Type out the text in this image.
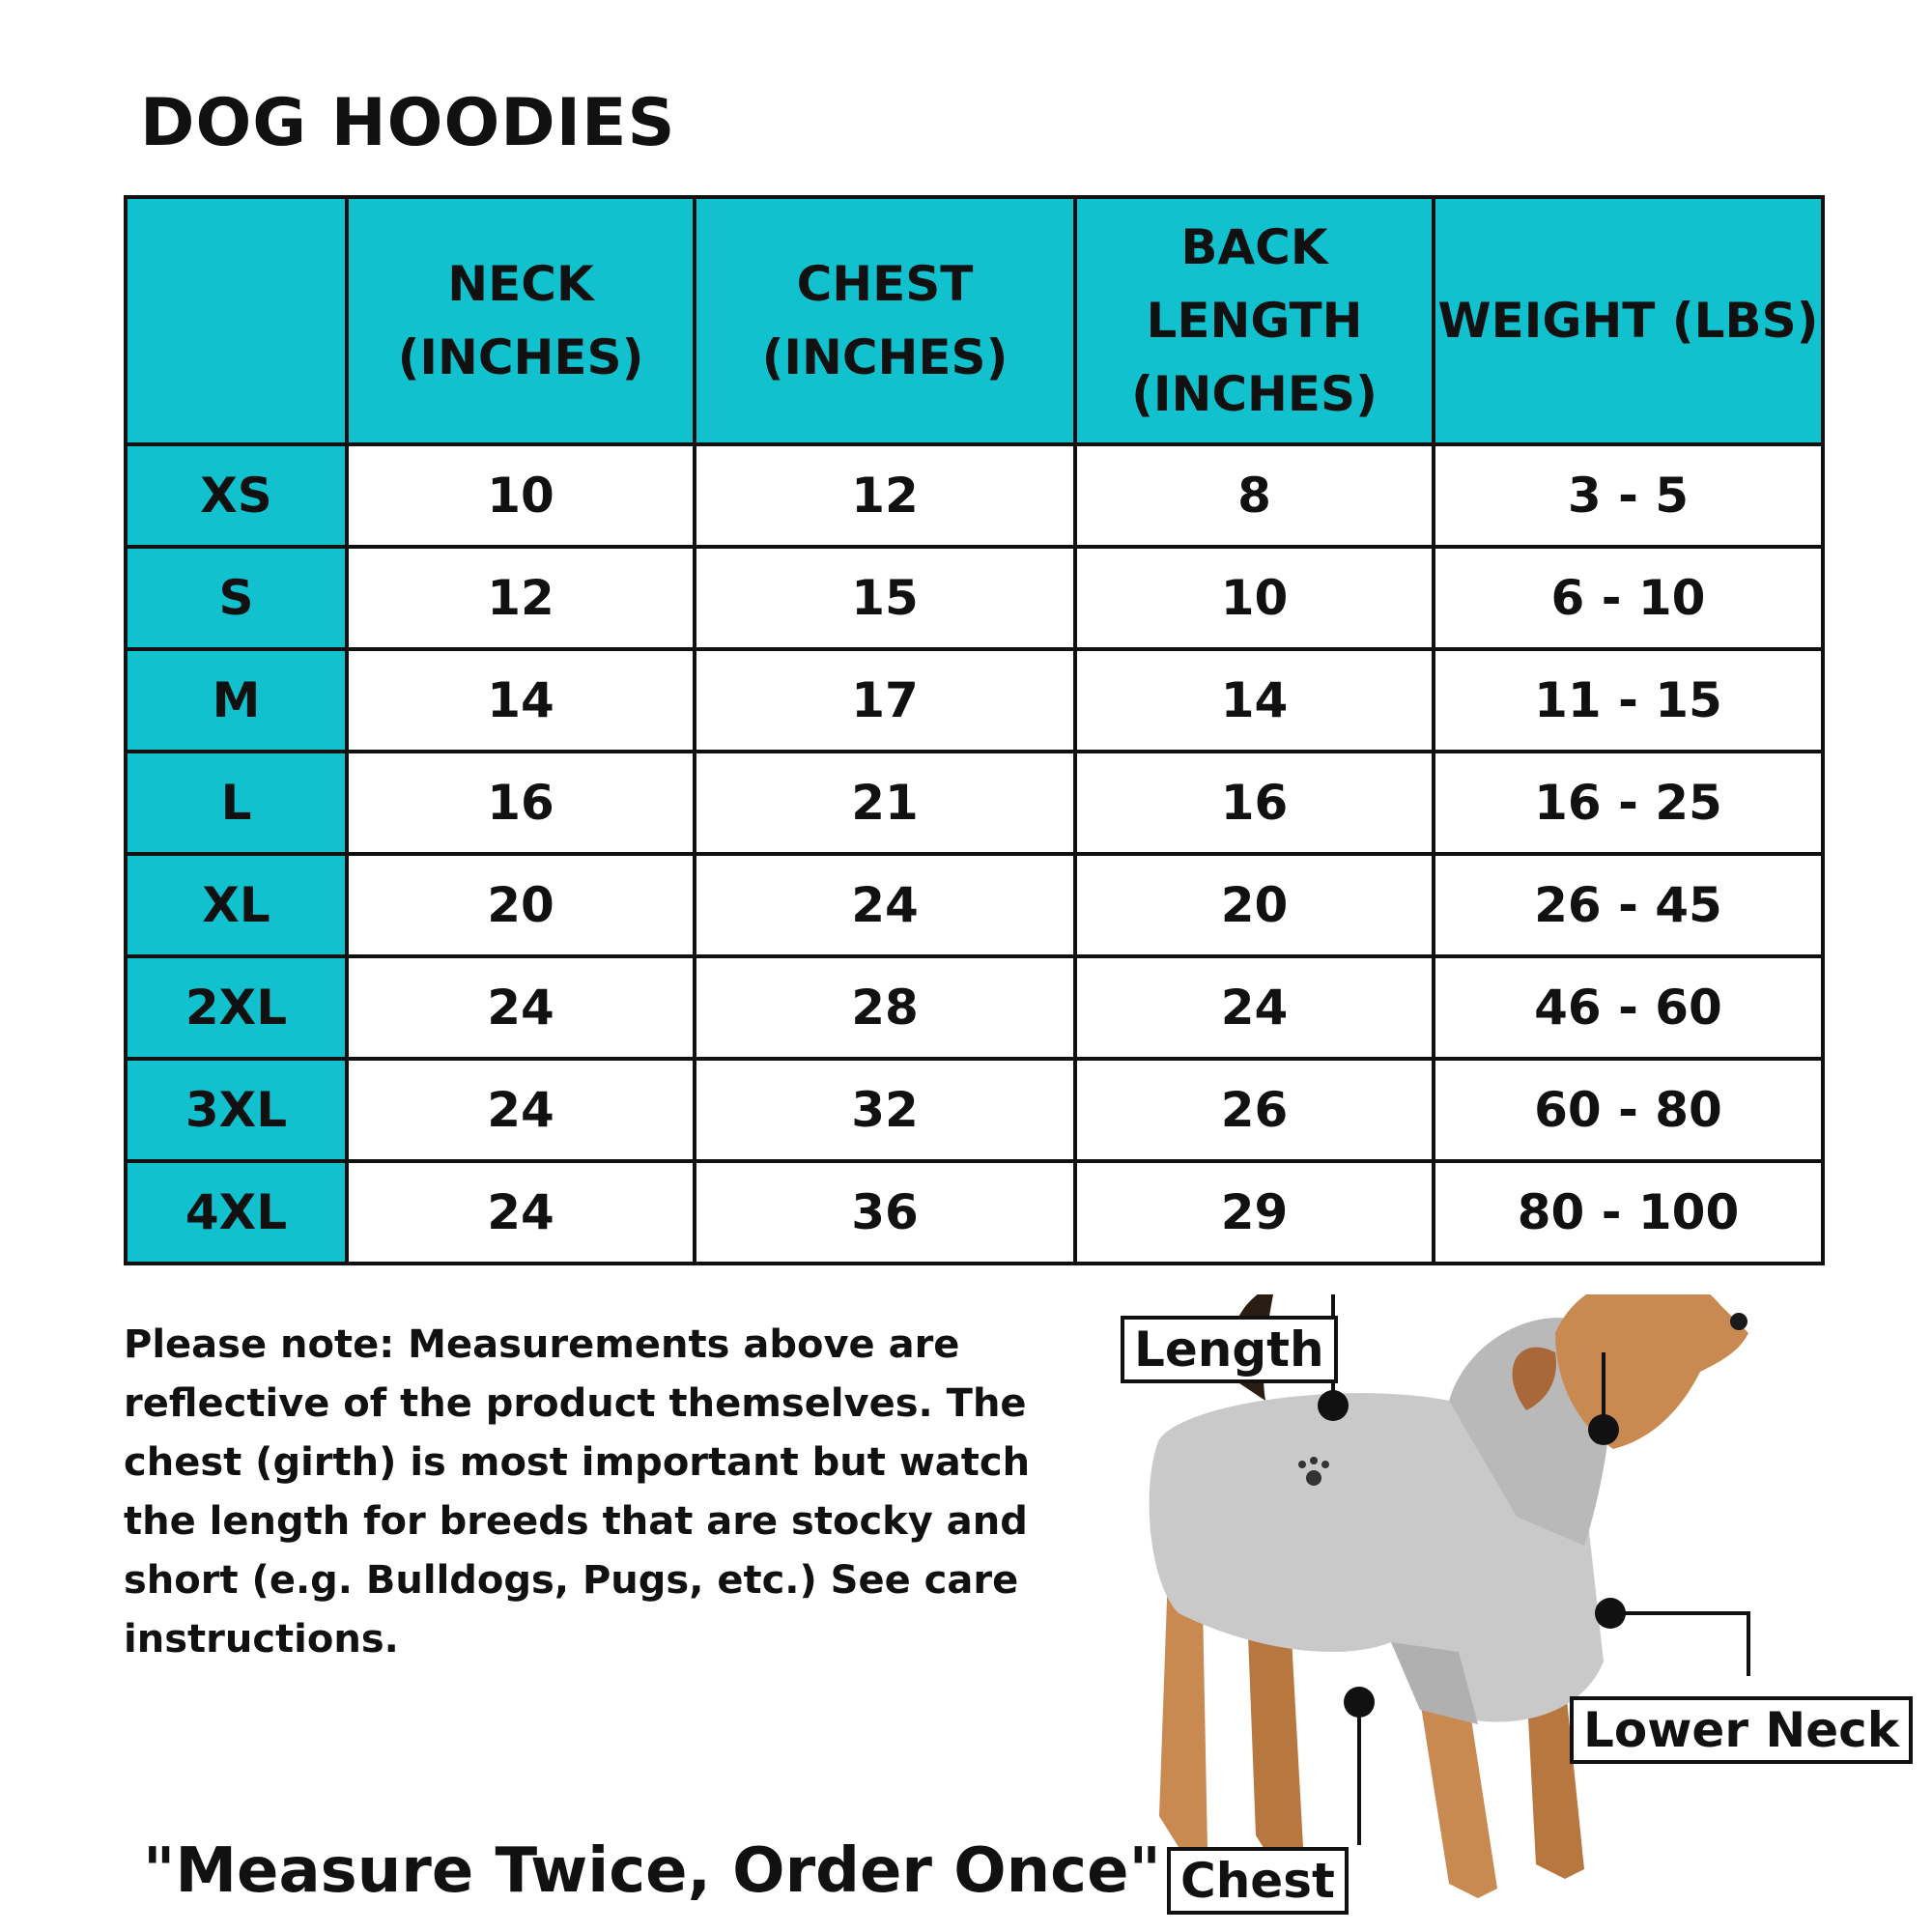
DOG HOODIES
	NECK (INCHES)	CHEST (INCHES)	BACK LENGTH (INCHES)	WEIGHT (LBS)
XS	10	12	8	3 - 5
S	12	15	10	6 - 10
M	14	17	14	11 - 15
L	16	21	16	16 - 25
XL	20	24	20	26 - 45
2XL	24	28	24	46 - 60
3XL	24	32	26	60 - 80
4XL	24	36	29	80 - 100
Please note: Measurements above are reflective of the product themselves. The chest (girth) is most important but watch the length for breeds that are stocky and short (e.g. Bulldogs, Pugs, etc.) See care instructions.
"Measure Twice, Order Once"
Length
Lower Neck
Chest
